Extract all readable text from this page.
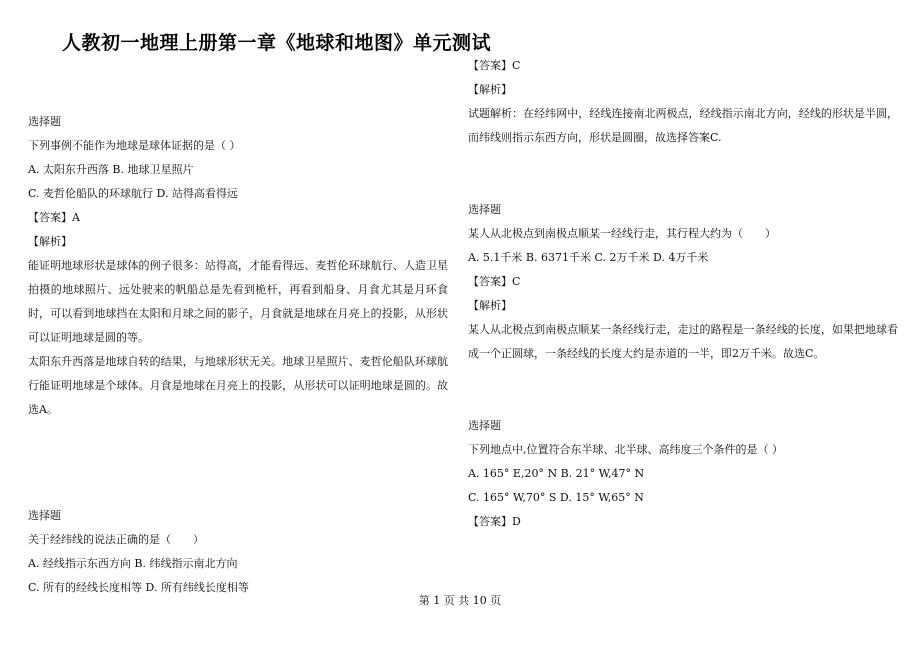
人教初一地理上册第一章《地球和地图》单元测试
选择题
下列事例不能作为地球是球体证据的是（ ）
A. 太阳东升西落 B. 地球卫星照片
C. 麦哲伦船队的环球航行 D. 站得高看得远
【答案】A
【解析】
能证明地球形状是球体的例子很多：站得高，才能看得远、麦哲伦环球航行、人造卫星拍摄的地球照片、远处驶来的帆船总是先看到桅杆，再看到船身、月食尤其是月环食时，可以看到地球挡在太阳和月球之间的影子，月食就是地球在月亮上的投影，从形状可以证明地球是圆的等。
太阳东升西落是地球自转的结果，与地球形状无关。地球卫星照片、麦哲伦船队环球航行能证明地球是个球体。月食是地球在月亮上的投影，从形状可以证明地球是圆的。故选A。
选择题
关于经纬线的说法正确的是（　　）
A. 经线指示东西方向 B. 纬线指示南北方向
C. 所有的经线长度相等 D. 所有纬线长度相等
【答案】C
【解析】
试题解析：在经纬网中，经线连接南北两极点，经线指示南北方向，经线的形状是半圆，而纬线则指示东西方向，形状是圆圈，故选择答案C.
选择题
某人从北极点到南极点顺某一经线行走，其行程大约为（　　）
A. 5.1千米 B. 6371千米 C. 2万千米 D. 4万千米
【答案】C
【解析】
某人从北极点到南极点顺某一条经线行走，走过的路程是一条经线的长度，如果把地球看成一个正圆球，一条经线的长度大约是赤道的一半，即2万千米。故选C。
选择题
下列地点中,位置符合东半球、北半球、高纬度三个条件的是（ ）
A. 165° E,20° N B. 21° W,47° N
C. 165° W,70° S D. 15° W,65° N
【答案】D
第 1 页 共 10 页
